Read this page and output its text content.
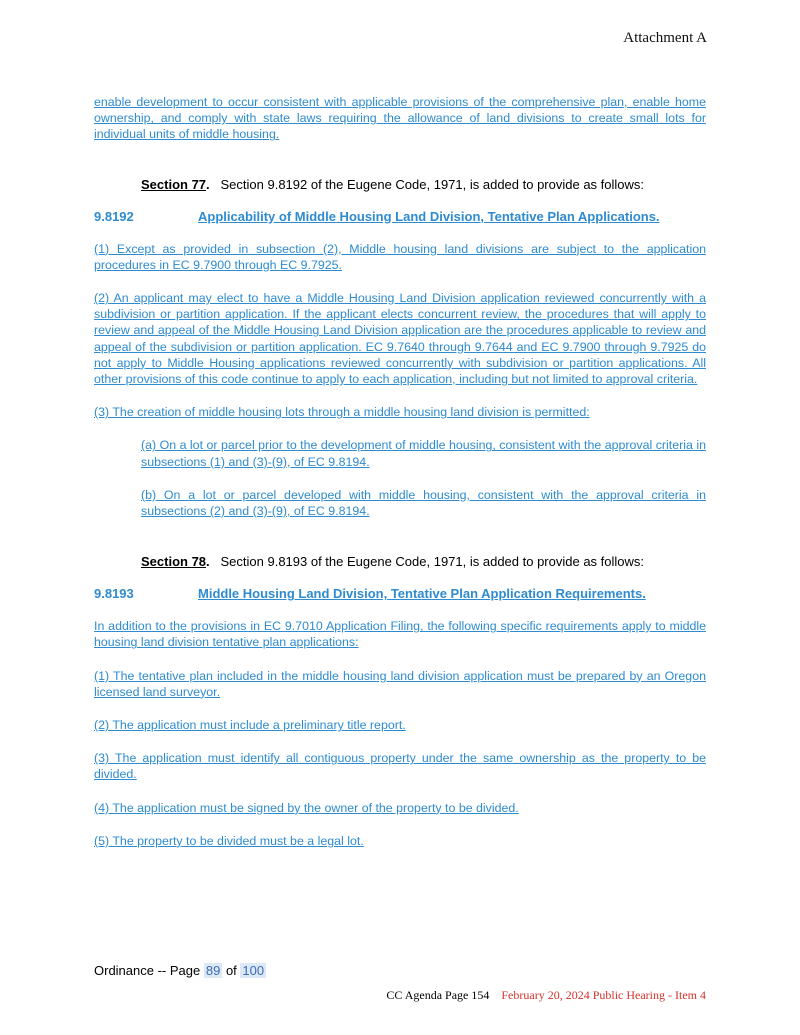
Attachment A

enable development to occur consistent with applicable provisions of the comprehensive plan, enable home ownership, and comply with state laws requiring the allowance of land divisions to create small lots for individual units of middle housing.

Section 77. Section 9.8192 of the Eugene Code, 1971, is added to provide as follows:

9.8192	Applicability of Middle Housing Land Division, Tentative Plan Applications.

(1) Except as provided in subsection (2), Middle housing land divisions are subject to the application procedures in EC 9.7900 through EC 9.7925.

(2) An applicant may elect to have a Middle Housing Land Division application reviewed concurrently with a subdivision or partition application. If the applicant elects concurrent review, the procedures that will apply to review and appeal of the Middle Housing Land Division application are the procedures applicable to review and appeal of the subdivision or partition application. EC 9.7640 through 9.7644 and EC 9.7900 through 9.7925 do not apply to Middle Housing applications reviewed concurrently with subdivision or partition applications. All other provisions of this code continue to apply to each application, including but not limited to approval criteria.

(3) The creation of middle housing lots through a middle housing land division is permitted:

(a) On a lot or parcel prior to the development of middle housing, consistent with the approval criteria in subsections (1) and (3)-(9), of EC 9.8194.

(b) On a lot or parcel developed with middle housing, consistent with the approval criteria in subsections (2) and (3)-(9), of EC 9.8194.

Section 78. Section 9.8193 of the Eugene Code, 1971, is added to provide as follows:

9.8193	Middle Housing Land Division, Tentative Plan Application Requirements.

In addition to the provisions in EC 9.7010 Application Filing, the following specific requirements apply to middle housing land division tentative plan applications:

(1) The tentative plan included in the middle housing land division application must be prepared by an Oregon licensed land surveyor.

(2) The application must include a preliminary title report.

(3) The application must identify all contiguous property under the same ownership as the property to be divided.

(4) The application must be signed by the owner of the property to be divided.

(5) The property to be divided must be a legal lot.

Ordinance -- Page 89 of 100
CC Agenda Page 154 February 20, 2024 Public Hearing - Item 4
